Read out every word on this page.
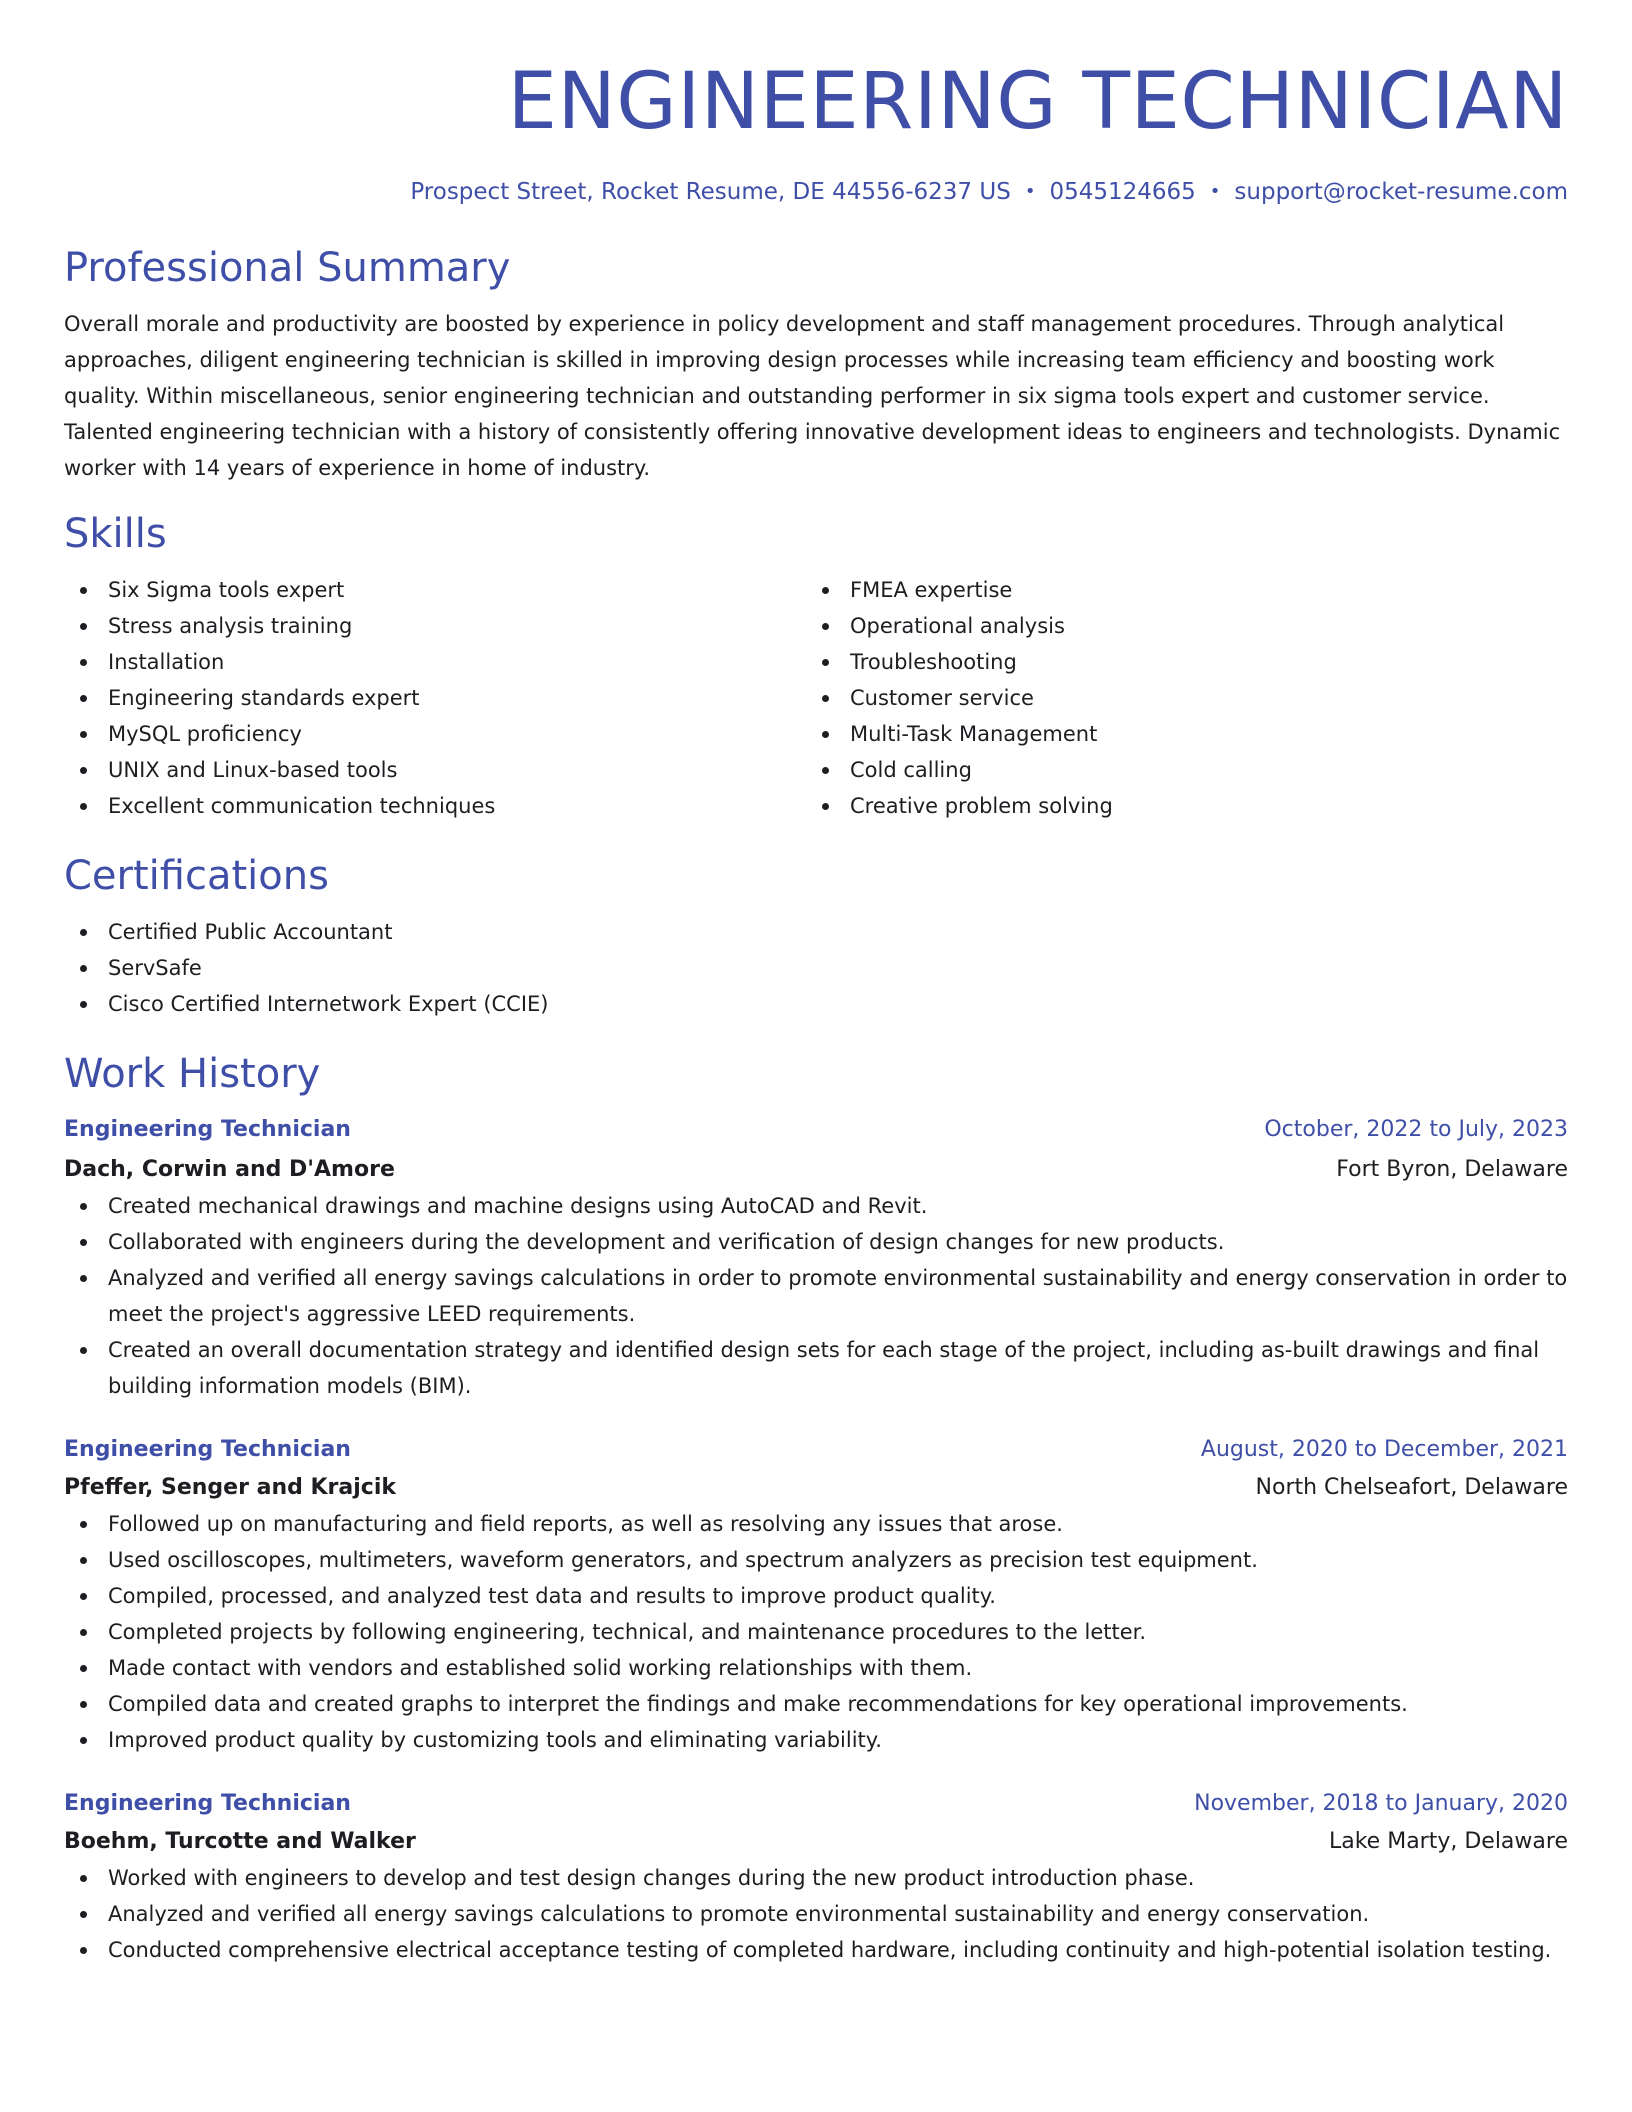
ENGINEERING TECHNICIAN
Prospect Street, Rocket Resume, DE 44556-6237 US • 0545124665 • support@rocket-resume.com
Professional Summary

Overall morale and productivity are boosted by experience in policy development and staff management procedures. Through analytical approaches, diligent engineering technician is skilled in improving design processes while increasing team efficiency and boosting work quality. Within miscellaneous, senior engineering technician and outstanding performer in six sigma tools expert and customer service. Talented engineering technician with a history of consistently offering innovative development ideas to engineers and technologists. Dynamic worker with 14 years of experience in home of industry.

Skills
Six Sigma tools expert
Stress analysis training
Installation
Engineering standards expert
MySQL proficiency
UNIX and Linux-based tools
Excellent communication techniques
FMEA expertise
Operational analysis
Troubleshooting
Customer service
Multi-Task Management
Cold calling
Creative problem solving
Certifications
Certified Public Accountant
ServSafe
Cisco Certified Internetwork Expert (CCIE)
Work History
Engineering Technician	October, 2022 to July, 2023
Dach, Corwin and D'Amore	Fort Byron, Delaware
Created mechanical drawings and machine designs using AutoCAD and Revit.
Collaborated with engineers during the development and verification of design changes for new products.
Analyzed and verified all energy savings calculations in order to promote environmental sustainability and energy conservation in order to meet the project's aggressive LEED requirements.
Created an overall documentation strategy and identified design sets for each stage of the project, including as-built drawings and final building information models (BIM).
Engineering Technician	August, 2020 to December, 2021
Pfeffer, Senger and Krajcik	North Chelseafort, Delaware
Followed up on manufacturing and field reports, as well as resolving any issues that arose.
Used oscilloscopes, multimeters, waveform generators, and spectrum analyzers as precision test equipment.
Compiled, processed, and analyzed test data and results to improve product quality.
Completed projects by following engineering, technical, and maintenance procedures to the letter.
Made contact with vendors and established solid working relationships with them.
Compiled data and created graphs to interpret the findings and make recommendations for key operational improvements.
Improved product quality by customizing tools and eliminating variability.
Engineering Technician	November, 2018 to January, 2020
Boehm, Turcotte and Walker	Lake Marty, Delaware
Worked with engineers to develop and test design changes during the new product introduction phase.
Analyzed and verified all energy savings calculations to promote environmental sustainability and energy conservation.
Conducted comprehensive electrical acceptance testing of completed hardware, including continuity and high-potential isolation testing.
